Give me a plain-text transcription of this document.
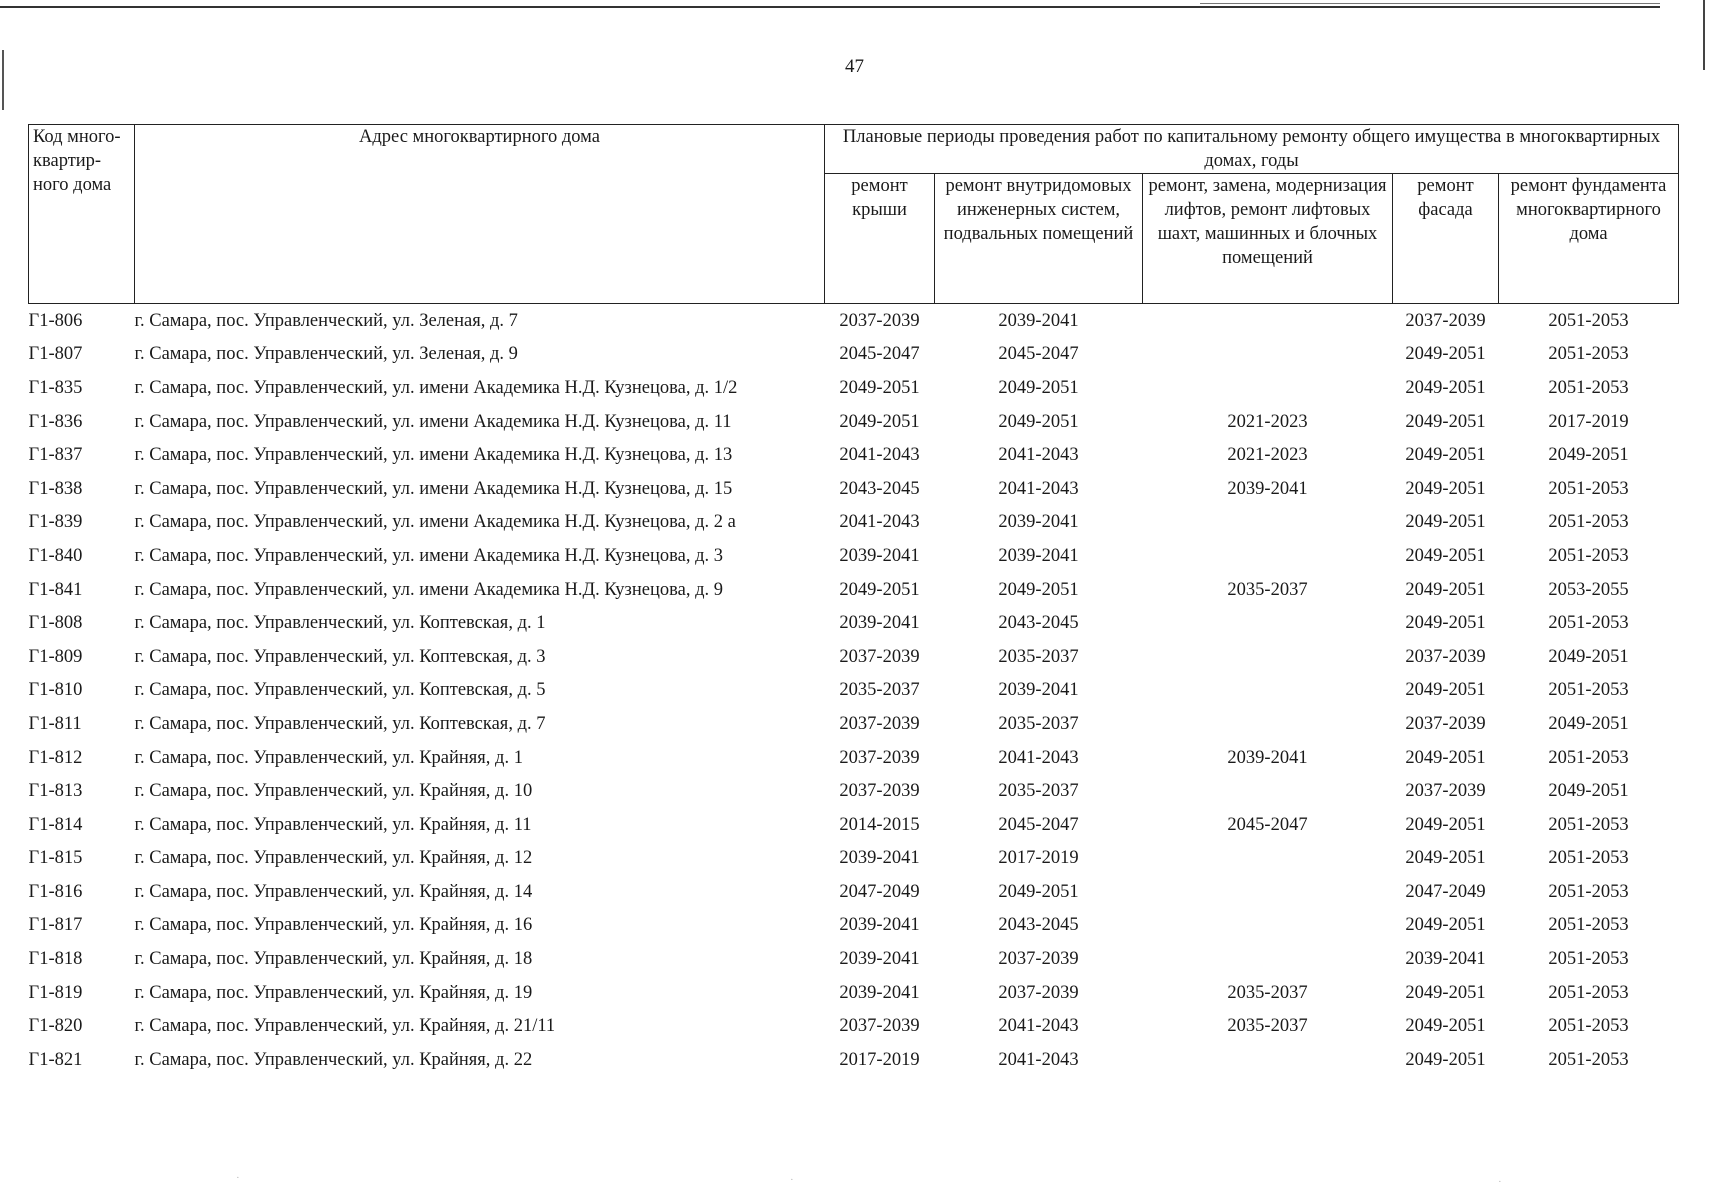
47
Код много-квартир-ного дома	Адрес многоквартирного дома	Плановые периоды проведения работ по капитальному ремонту общего имущества в многоквартирных домах, годы				
		ремонт крыши	ремонт внутридомовых инженерных систем, подвальных помещений	ремонт, замена, модернизация лифтов, ремонт лифтовых шахт, машинных и блочных помещений	ремонт фасада	ремонт фундамента многоквартирного дома
Г1-806	г. Самара, пос. Управленческий, ул. Зеленая, д. 7	2037-2039	2039-2041		2037-2039	2051-2053
Г1-807	г. Самара, пос. Управленческий, ул. Зеленая, д. 9	2045-2047	2045-2047		2049-2051	2051-2053
Г1-835	г. Самара, пос. Управленческий, ул. имени Академика Н.Д. Кузнецова, д. 1/2	2049-2051	2049-2051		2049-2051	2051-2053
Г1-836	г. Самара, пос. Управленческий, ул. имени Академика Н.Д. Кузнецова, д. 11	2049-2051	2049-2051	2021-2023	2049-2051	2017-2019
Г1-837	г. Самара, пос. Управленческий, ул. имени Академика Н.Д. Кузнецова, д. 13	2041-2043	2041-2043	2021-2023	2049-2051	2049-2051
Г1-838	г. Самара, пос. Управленческий, ул. имени Академика Н.Д. Кузнецова, д. 15	2043-2045	2041-2043	2039-2041	2049-2051	2051-2053
Г1-839	г. Самара, пос. Управленческий, ул. имени Академика Н.Д. Кузнецова, д. 2 а	2041-2043	2039-2041		2049-2051	2051-2053
Г1-840	г. Самара, пос. Управленческий, ул. имени Академика Н.Д. Кузнецова, д. 3	2039-2041	2039-2041		2049-2051	2051-2053
Г1-841	г. Самара, пос. Управленческий, ул. имени Академика Н.Д. Кузнецова, д. 9	2049-2051	2049-2051	2035-2037	2049-2051	2053-2055
Г1-808	г. Самара, пос. Управленческий, ул. Коптевская, д. 1	2039-2041	2043-2045		2049-2051	2051-2053
Г1-809	г. Самара, пос. Управленческий, ул. Коптевская, д. 3	2037-2039	2035-2037		2037-2039	2049-2051
Г1-810	г. Самара, пос. Управленческий, ул. Коптевская, д. 5	2035-2037	2039-2041		2049-2051	2051-2053
Г1-811	г. Самара, пос. Управленческий, ул. Коптевская, д. 7	2037-2039	2035-2037		2037-2039	2049-2051
Г1-812	г. Самара, пос. Управленческий, ул. Крайняя, д. 1	2037-2039	2041-2043	2039-2041	2049-2051	2051-2053
Г1-813	г. Самара, пос. Управленческий, ул. Крайняя, д. 10	2037-2039	2035-2037		2037-2039	2049-2051
Г1-814	г. Самара, пос. Управленческий, ул. Крайняя, д. 11	2014-2015	2045-2047	2045-2047	2049-2051	2051-2053
Г1-815	г. Самара, пос. Управленческий, ул. Крайняя, д. 12	2039-2041	2017-2019		2049-2051	2051-2053
Г1-816	г. Самара, пос. Управленческий, ул. Крайняя, д. 14	2047-2049	2049-2051		2047-2049	2051-2053
Г1-817	г. Самара, пос. Управленческий, ул. Крайняя, д. 16	2039-2041	2043-2045		2049-2051	2051-2053
Г1-818	г. Самара, пос. Управленческий, ул. Крайняя, д. 18	2039-2041	2037-2039		2039-2041	2051-2053
Г1-819	г. Самара, пос. Управленческий, ул. Крайняя, д. 19	2039-2041	2037-2039	2035-2037	2049-2051	2051-2053
Г1-820	г. Самара, пос. Управленческий, ул. Крайняя, д. 21/11	2037-2039	2041-2043	2035-2037	2049-2051	2051-2053
Г1-821	г. Самара, пос. Управленческий, ул. Крайняя, д. 22	2017-2019	2041-2043		2049-2051	2051-2053
·	·	·
